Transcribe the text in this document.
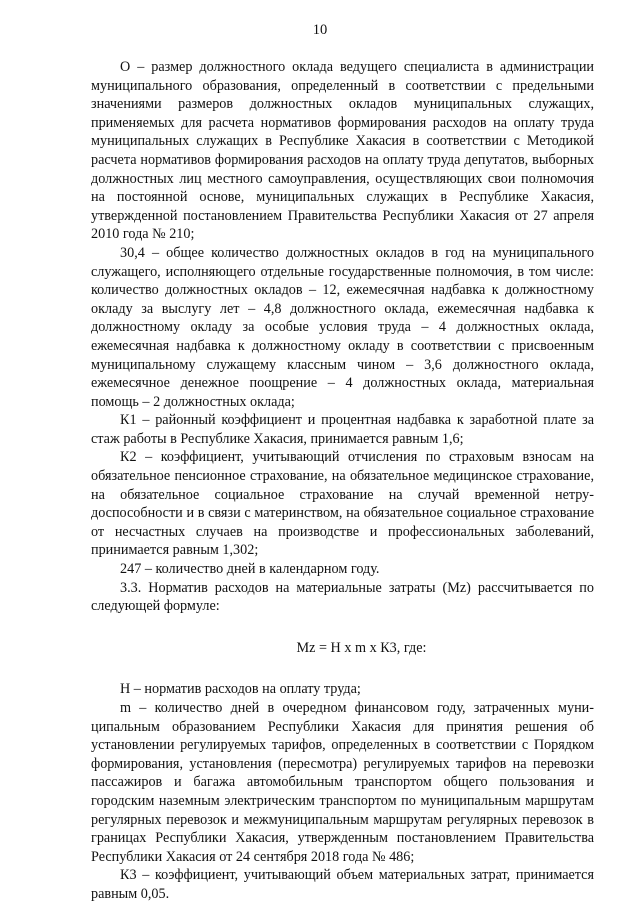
10

О – размер должностного оклада ведущего специалиста в администрации муниципального образования, определенный в соответствии с предельными значениями размеров должностных окладов муниципальных служащих, применяемых для расчета нормативов формирования расходов на оплату труда муниципальных служащих в Республике Хакасия в соответствии с Методикой расчета нормативов формирования расходов на оплату труда депутатов, выборных должностных лиц местного самоуправления, осуществляющих свои полномочия на постоянной основе, муниципальных служащих в Республике Хакасия, утвержденной постановлением Правительства Республики Хакасия от 27 апреля 2010 года № 210;

30,4 – общее количество должностных окладов в год на муниципального служащего, исполняющего отдельные государственные полномочия, в том числе: количество должностных окладов – 12, ежемесячная надбавка к должностному окладу за выслугу лет – 4,8 должностного оклада, ежемесячная надбавка к должностному окладу за особые условия труда – 4 должностных оклада, ежемесячная надбавка к должностному окладу в соответствии с присвоенным муниципальному служащему классным чином – 3,6 должностного оклада, ежемесячное денежное поощрение – 4 должностных оклада, материальная помощь – 2 должностных оклада;

К1 – районный коэффициент и процентная надбавка к заработной плате за стаж работы в Республике Хакасия, принимается равным 1,6;

К2 – коэффициент, учитывающий отчисления по страховым взносам на обязательное пенсионное страхование, на обязательное медицинское страхование, на обязательное социальное страхование на случай временной нетрудоспособности и в связи с материнством, на обязательное социальное страхование от несчастных случаев на производстве и профессиональных заболеваний, принимается равным 1,302;

247 – количество дней в календарном году.

3.3. Норматив расходов на материальные затраты (Mz) рассчитывается по следующей формуле:

Mz = Н х m х К3, где:

Н – норматив расходов на оплату труда;

m – количество дней в очередном финансовом году, затраченных муниципальным образованием Республики Хакасия для принятия решения об установлении регулируемых тарифов, определенных в соответствии с Порядком формирования, установления (пересмотра) регулируемых тарифов на перевозки пассажиров и багажа автомобильным транспортом общего пользования и городским наземным электрическим транспортом по муниципальным маршрутам регулярных перевозок и межмуниципальным маршрутам регулярных перевозок в границах Республики Хакасия, утвержденным постановлением Правительства Республики Хакасия от 24 сентября 2018 года № 486;

К3 – коэффициент, учитывающий объем материальных затрат, принимается равным 0,05.
